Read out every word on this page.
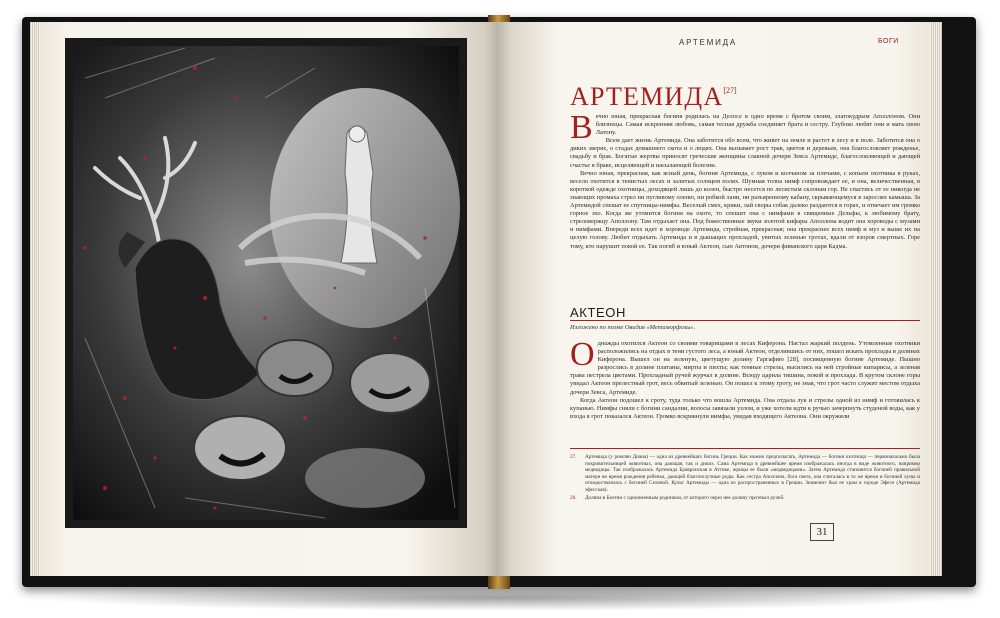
АРТЕМИДА	БОГИ
АРТЕМИДА[27]

В ечно юная, прекрасная богиня родилась на Делосе в одно время с братом своим, златокудрым Аполлоном. Они близнецы. Самая искренняя любовь, самая тесная дружба соединяет брата и сестру. Глубоко любят они и мать свою Латону.

Всем дает жизнь Артемида. Она заботится обо всем, что живет на земле и растет в лесу и в поле. Заботится она о диких зверях, о стадах домашнего скота и о людях. Она вызывает рост трав, цветов и деревьев, она благословляет рожденье, свадьбу и брак. Богатые жертвы приносят греческие женщины славной дочери Зевса Артемиде, благословляющей и дающей счастье в браке, исцеляющей и насылающей болезни.

Вечно юная, прекрасная, как ясный день, богиня Артемида, с луком и колчаном за плечами, с копьем охотника в руках, весело охотится в тенистых лесах и залитых солнцем полях. Шумная толпа нимф сопровождает ее, и она, величественная, в короткой одежде охотницы, доходящей лишь до колен, быстро несется по лесистым склонам гор. Не спастись от ее никогда не знающих промаха стрел ни пугливому оленю, ни робкой лани, ни разъяренному кабану, скрывающемуся в зарослях камыша. За Артемидой спешат ее спутницы-нимфы. Веселый смех, крики, лай своры собак далеко раздаются в горах, и отвечает им громко горное эхо. Когда же утомится богиня на охоте, то спешит она с нимфами в священные Дельфы, к любимому брату, стреловержцу Аполлону. Там отдыхает она. Под божественные звуки золотой кифары Аполлона водит она хороводы с музами и нимфами. Впереди всех идет в хороводе Артемида, стройная, прекрасная; она прекраснее всех нимф и муз и выше их на целую голову. Любит отдыхать Артемида и в дышащих прохладой, увитых зеленью гротах, вдали от взоров смертных. Горе тому, кто нарушит покой ее. Так погиб и юный Актеон, сын Автонои, дочери фиванского царя Кадма.

АКТЕОН
Изложено по поэме Овидия «Метаморфозы».

О днажды охотился Актеон со своими товарищами в лесах Киферона. Настал жаркий полдень. Утомленные охотники расположились на отдых в тени густого леса, а юный Актеон, отделившись от них, пошел искать прохлады в долинах Киферона. Вышел он на зеленую, цветущую долину Гаргафию [28], посвященную богине Артемиде. Пышно разрослись в долине платаны, мирты и пихты; как темные стрелы, высились на ней стройные кипарисы, а зеленая трава пестрела цветами. Прохладный ручей журчал в долине. Всюду царила тишина, покой и прохлада. В крутом склоне горы увидал Актеон прелестный грот, весь обвитый зеленью. Он пошел к этому гроту, не зная, что грот часто служит местом отдыха дочери Зевса, Артемиде.

Когда Актеон подошел к гроту, туда только что вошла Артемида. Она отдала лук и стрелы одной из нимф и готовилась к купанью. Нимфы сняли с богини сандалии, волосы завязали узлом, и уже хотели идти к ручью зачерпнуть студеной воды, как у входа в грот показался Актеон. Громко вскрикнули нимфы, увидав входящего Актеона. Они окружили

27.	Артемида (у римлян Диана) — одна из древнейших богинь Греции. Как можно предполагать, Артемида — богиня охотница — первоначально была покровительницей животных, она дающая, так и диких. Сама Артемида в древнейшее время изображалась иногда в виде животного, например медведицы. Так изображалась Артемида Бравронская в Аттике, жрицы ее были «медведицами». Затем Артемида становится богиней правильной матери во время рождения ребенка, дающей благополучные роды. Как сестра Аполлона, бога света, она считалась в то же время и богиней луны и отождествлялась с богиней Селеной. Культ Артемиды — одна из распространенных в Греции. Знаменит был ее храм в городе Эфесе (Артемида эфесская).
28.	Долина в Беотии с одноименным родником, от которого через нее долину протекал ручей.
31
